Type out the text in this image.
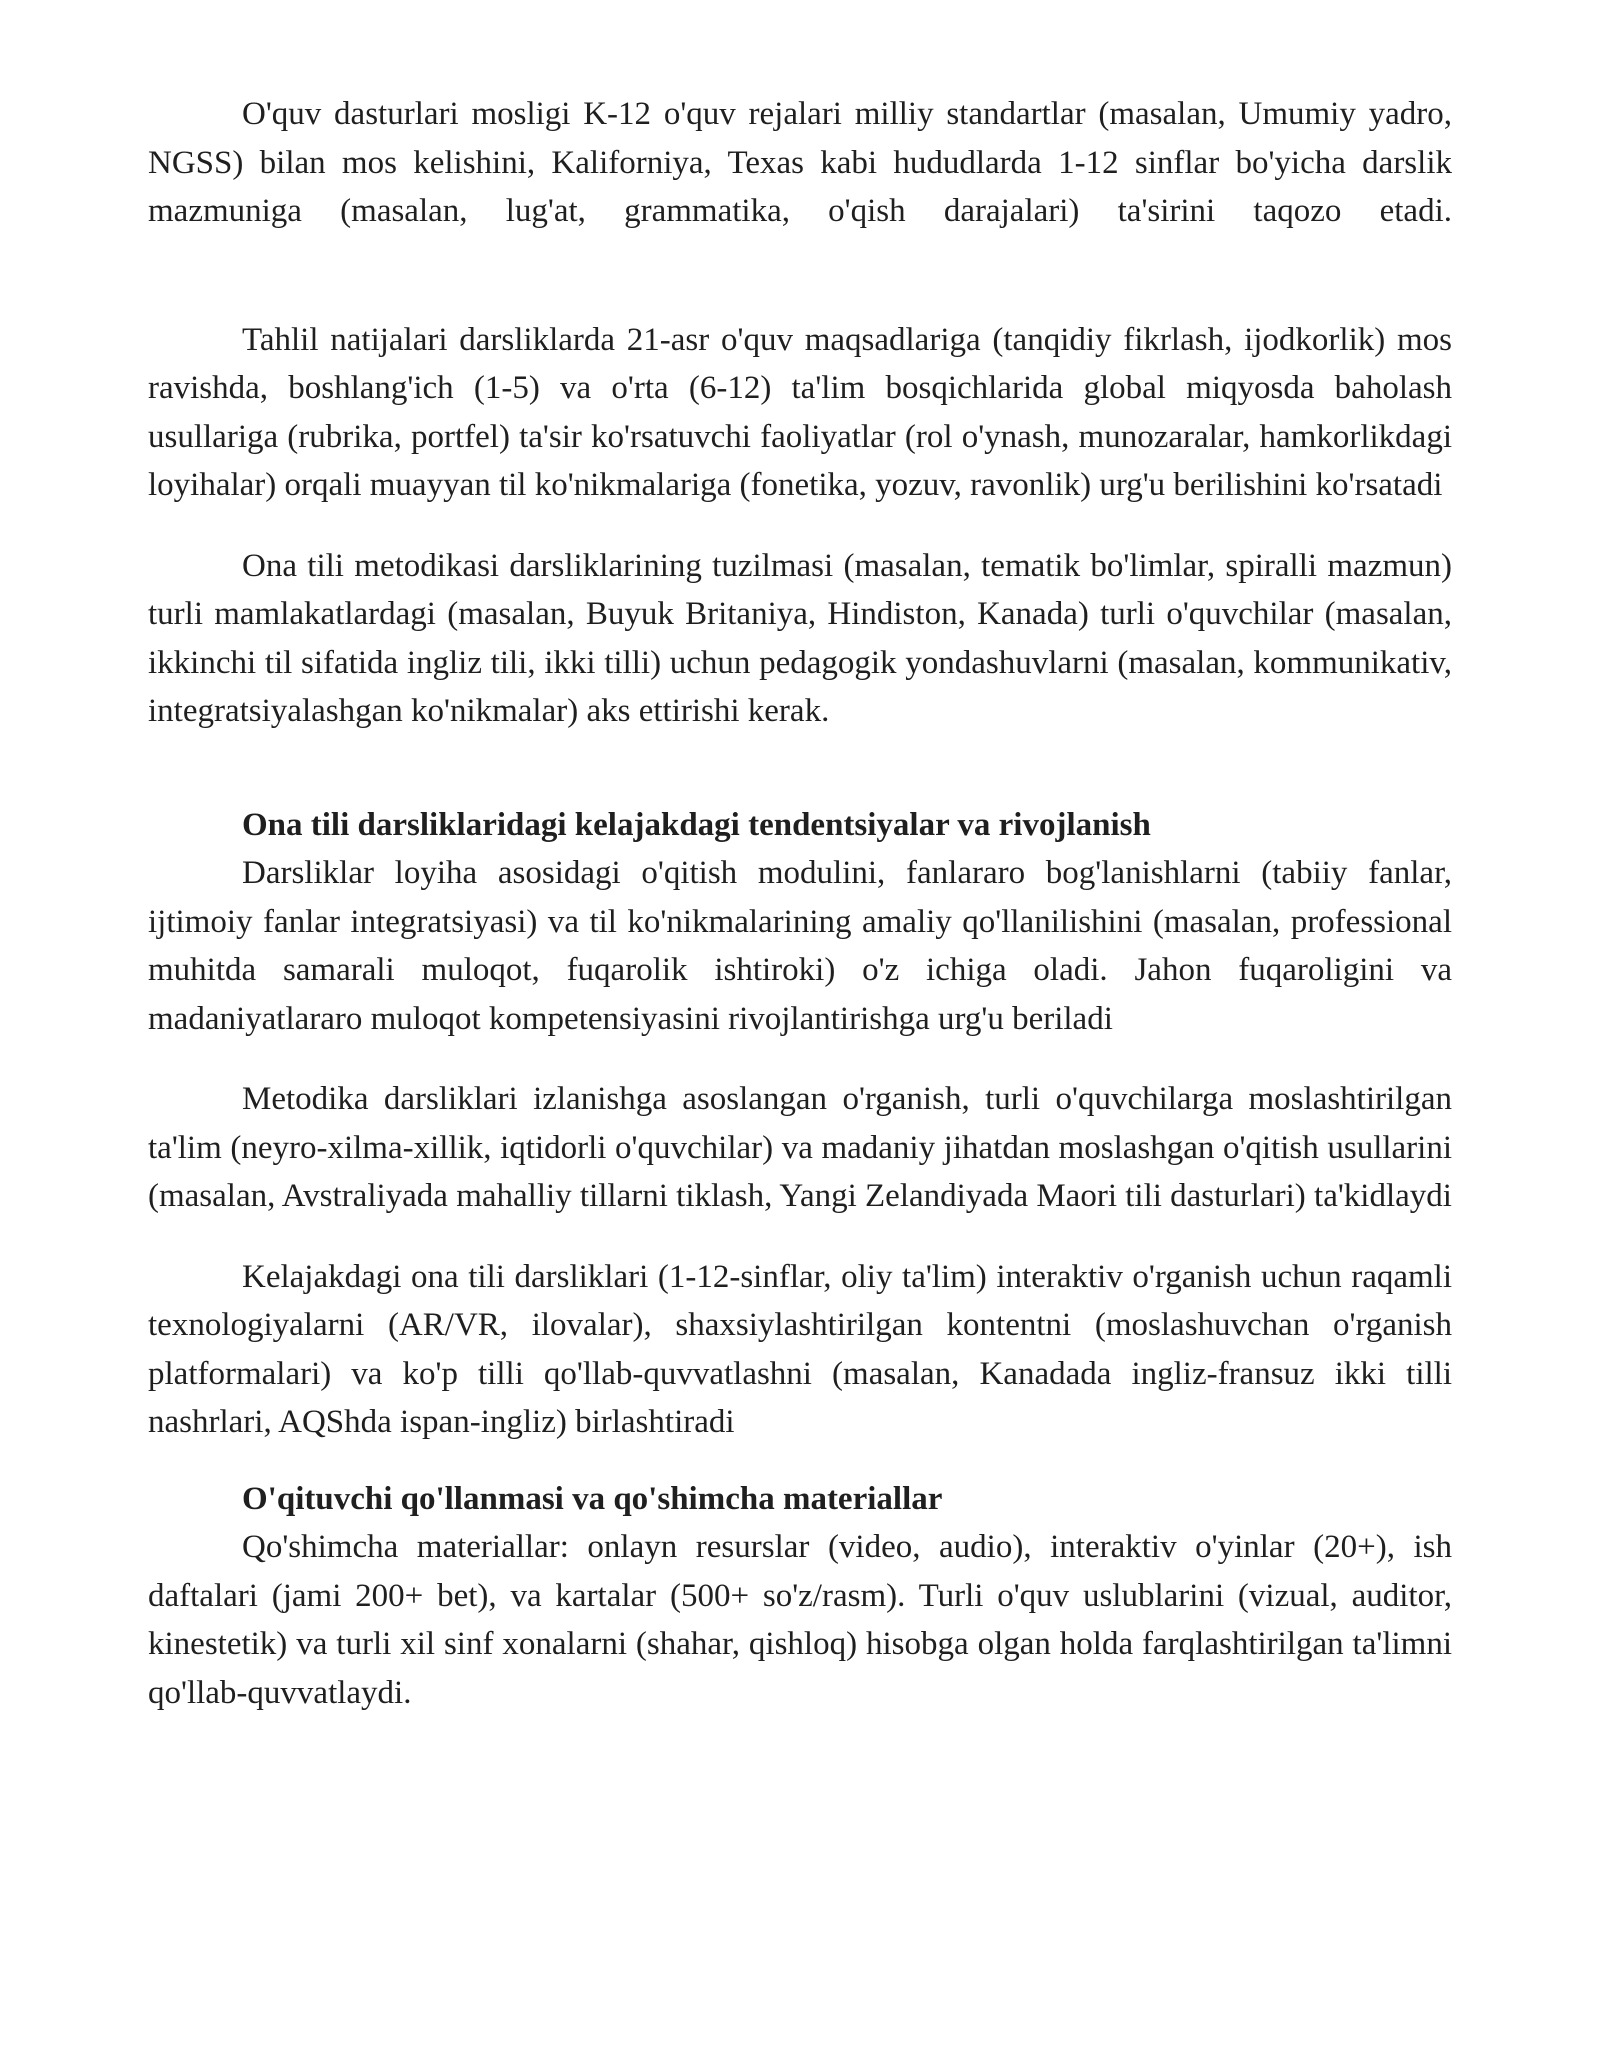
O'quv dasturlari mosligi K-12 o'quv rejalari milliy standartlar (masalan, Umumiy yadro, NGSS) bilan mos kelishini, Kaliforniya, Texas kabi hududlarda 1-12 sinflar bo'yicha darslik mazmuniga (masalan, lug'at, grammatika, o'qish darajalari) ta'sirini taqozo etadi.

Tahlil natijalari darsliklarda 21-asr o'quv maqsadlariga (tanqidiy fikrlash, ijodkorlik) mos ravishda, boshlang'ich (1-5) va o'rta (6-12) ta'lim bosqichlarida global miqyosda baholash usullariga (rubrika, portfel) ta'sir ko'rsatuvchi faoliyatlar (rol o'ynash, munozaralar, hamkorlikdagi loyihalar) orqali muayyan til ko'nikmalariga (fonetika, yozuv, ravonlik) urg'u berilishini ko'rsatadi

Ona tili metodikasi darsliklarining tuzilmasi (masalan, tematik bo'limlar, spiralli mazmun) turli mamlakatlardagi (masalan, Buyuk Britaniya, Hindiston, Kanada) turli o'quvchilar (masalan, ikkinchi til sifatida ingliz tili, ikki tilli) uchun pedagogik yondashuvlarni (masalan, kommunikativ, integratsiyalashgan ko'nikmalar) aks ettirishi kerak.

Ona tili darsliklaridagi kelajakdagi tendentsiyalar va rivojlanish

Darsliklar loyiha asosidagi o'qitish modulini, fanlararo bog'lanishlarni (tabiiy fanlar, ijtimoiy fanlar integratsiyasi) va til ko'nikmalarining amaliy qo'llanilishini (masalan, professional muhitda samarali muloqot, fuqarolik ishtiroki) o'z ichiga oladi. Jahon fuqaroligini va madaniyatlararo muloqot kompetensiyasini rivojlantirishga urg'u beriladi

Metodika darsliklari izlanishga asoslangan o'rganish, turli o'quvchilarga moslashtirilgan ta'lim (neyro-xilma-xillik, iqtidorli o'quvchilar) va madaniy jihatdan moslashgan o'qitish usullarini (masalan, Avstraliyada mahalliy tillarni tiklash, Yangi Zelandiyada Maori tili dasturlari) ta'kidlaydi

Kelajakdagi ona tili darsliklari (1-12-sinflar, oliy ta'lim) interaktiv o'rganish uchun raqamli texnologiyalarni (AR/VR, ilovalar), shaxsiylashtirilgan kontentni (moslashuvchan o'rganish platformalari) va ko'p tilli qo'llab-quvvatlashni (masalan, Kanadada ingliz-fransuz ikki tilli nashrlari, AQShda ispan-ingliz) birlashtiradi

O'qituvchi qo'llanmasi va qo'shimcha materiallar

Qo'shimcha materiallar: onlayn resurslar (video, audio), interaktiv o'yinlar (20+), ish daftalari (jami 200+ bet), va kartalar (500+ so'z/rasm). Turli o'quv uslublarini (vizual, auditor, kinestetik) va turli xil sinf xonalarni (shahar, qishloq) hisobga olgan holda farqlashtirilgan ta'limni qo'llab-quvvatlaydi.
